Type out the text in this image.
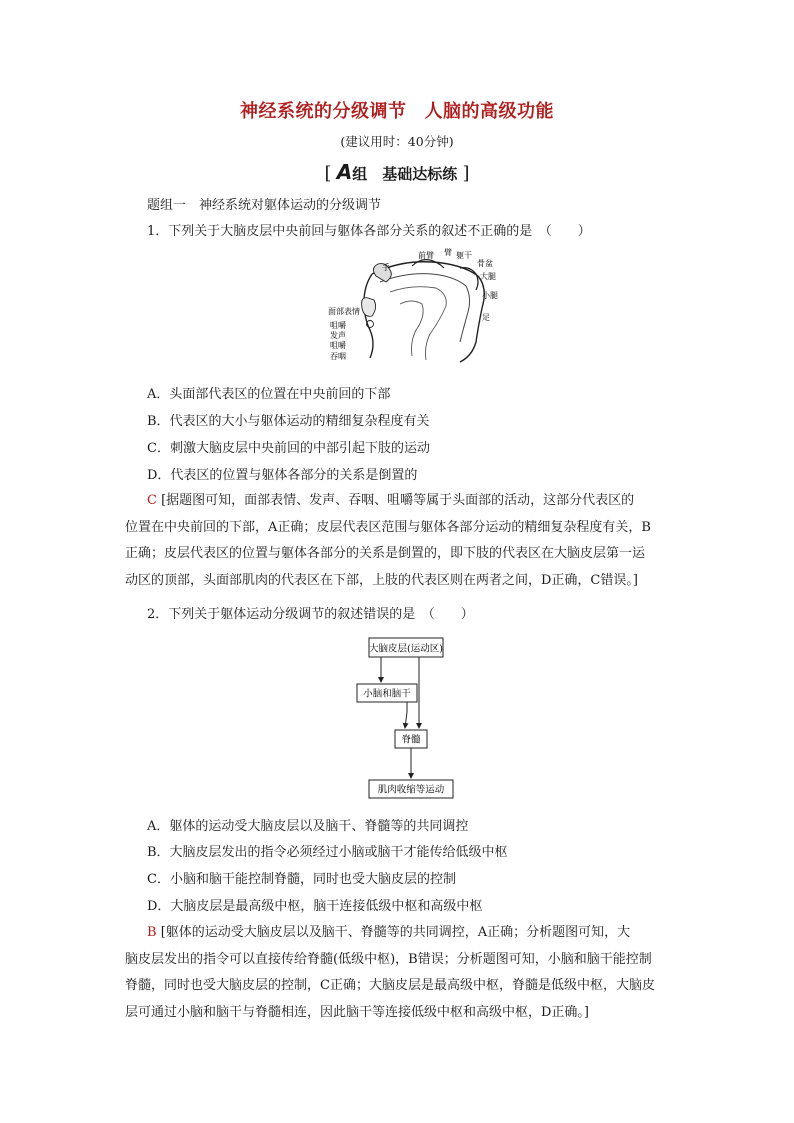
神经系统的分级调节 人脑的高级功能
(建议用时：40分钟)
[ A组　基础达标练 ]
题组一　神经系统对躯体运动的分级调节
1．下列关于大脑皮层中央前回与躯体各部分关系的叙述不正确的是　（　　）
手
前臂 臂 躯干
骨盆
大腿
小腿
足
面部表情
咀嚼
发声
咀嚼
吞咽
A．头面部代表区的位置在中央前回的下部
B．代表区的大小与躯体运动的精细复杂程度有关
C．刺激大脑皮层中央前回的中部引起下肢的运动
D．代表区的位置与躯体各部分的关系是倒置的
C [据题图可知，面部表情、发声、吞咽、咀嚼等属于头面部的活动，这部分代表区的
位置在中央前回的下部，A正确；皮层代表区范围与躯体各部分运动的精细复杂程度有关，B
正确；皮层代表区的位置与躯体各部分的关系是倒置的，即下肢的代表区在大脑皮层第一运
动区的顶部，头面部肌肉的代表区在下部，上肢的代表区则在两者之间，D正确，C错误。]
2．下列关于躯体运动分级调节的叙述错误的是　（　　）
大脑皮层(运动区)
小脑和脑干
脊髓
肌肉收缩等运动
A．躯体的运动受大脑皮层以及脑干、脊髓等的共同调控
B．大脑皮层发出的指令必须经过小脑或脑干才能传给低级中枢
C．小脑和脑干能控制脊髓，同时也受大脑皮层的控制
D．大脑皮层是最高级中枢，脑干连接低级中枢和高级中枢
B [躯体的运动受大脑皮层以及脑干、脊髓等的共同调控，A正确；分析题图可知，大
脑皮层发出的指令可以直接传给脊髓(低级中枢)，B错误；分析题图可知，小脑和脑干能控制
脊髓，同时也受大脑皮层的控制，C正确；大脑皮层是最高级中枢，脊髓是低级中枢，大脑皮
层可通过小脑和脑干与脊髓相连，因此脑干等连接低级中枢和高级中枢，D正确。]
